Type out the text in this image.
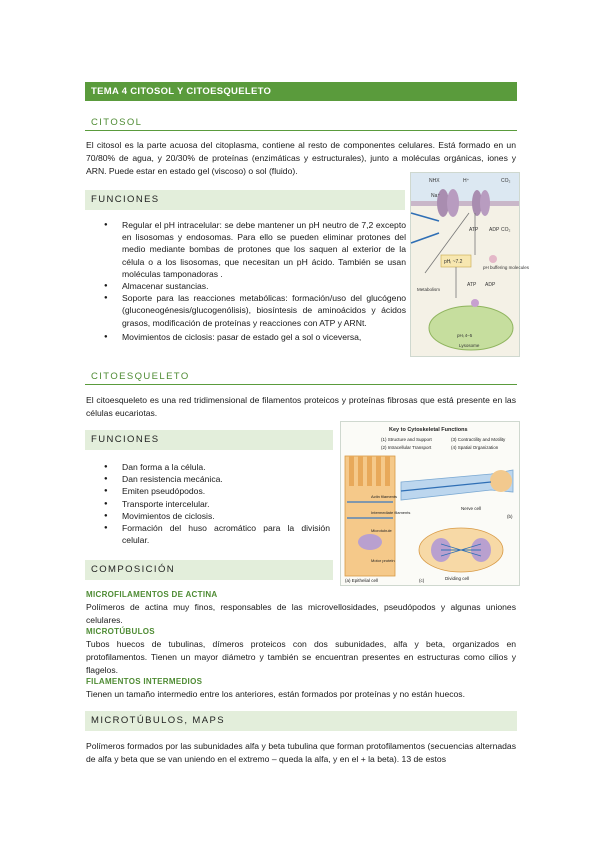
TEMA 4 CITOSOL Y CITOESQUELETO
CITOSOL
El citosol es la parte acuosa del citoplasma, contiene al resto de componentes celulares. Está formado en un 70/80% de agua, y 20/30% de proteínas (enzimáticas y estructurales), junto a moléculas orgánicas, iones y ARN. Puede estar en estado gel (viscoso) o sol (fluido).
FUNCIONES
● Regular el pH intracelular: se debe mantener un pH neutro de 7,2 excepto en lisosomas y endosomas. Para ello se pueden eliminar protones del medio mediante bombas de protones que los saquen al exterior de la célula o a los lisosomas, que necesitan un pH ácido. También se usan moléculas tamponadoras .
● Almacenar sustancias.
● Soporte para las reacciones metabólicas: formación/uso del glucógeno (gluconeogénesis/glucogenólisis), biosíntesis de aminoácidos y ácidos grasos, modificación de proteínas y reacciones con ATP y ARNt.
● Movimientos de ciclosis: pasar de estado gel a sol o viceversa,
NHX
Na⁺
H⁺	CO₂
ATP ADP CO₂
pHᵢ ~7.2
pH buffering molecules
Metabolism
ATP ADP
pHᵢ 4–5
Lysosome
CITOESQUELETO
El citoesqueleto es una red tridimensional de filamentos proteicos y proteínas fibrosas que está presente en las células eucariotas.
FUNCIONES
● Dan forma a la célula.
● Dan resistencia mecánica.
● Emiten pseudópodos.
● Transporte intercelular.
● Movimientos de ciclosis.
● Formación del huso acromático para la división celular.
Key to Cytoskeletal Functions
(1) Structure and Support
(2) Intracellular Transport
(3) Contractility and Motility
(4) Spatial Organization
(a) Epithelial cell
Actin filaments
Intermediate filaments
Microtubule
Motor protein
Nerve cell
(b)
Dividing cell
(c)
COMPOSICIÓN
MICROFILAMENTOS DE ACTINA
Polímeros de actina muy finos, responsables de las microvellosidades, pseudópodos y algunas uniones celulares.
MICROTÚBULOS
Tubos huecos de tubulinas, dímeros proteicos con dos subunidades, alfa y beta, organizados en protofilamentos. Tienen un mayor diámetro y también se encuentran presentes en estructuras como cilios y flagelos.
FILAMENTOS INTERMEDIOS
Tienen un tamaño intermedio entre los anteriores, están formados por proteínas y no están huecos.
MICROTÚBULOS, MAPS
Polímeros formados por las subunidades alfa y beta tubulina que forman protofilamentos (secuencias alternadas de alfa y beta que se van uniendo en el extremo – queda la alfa, y en el + la beta). 13 de estos
